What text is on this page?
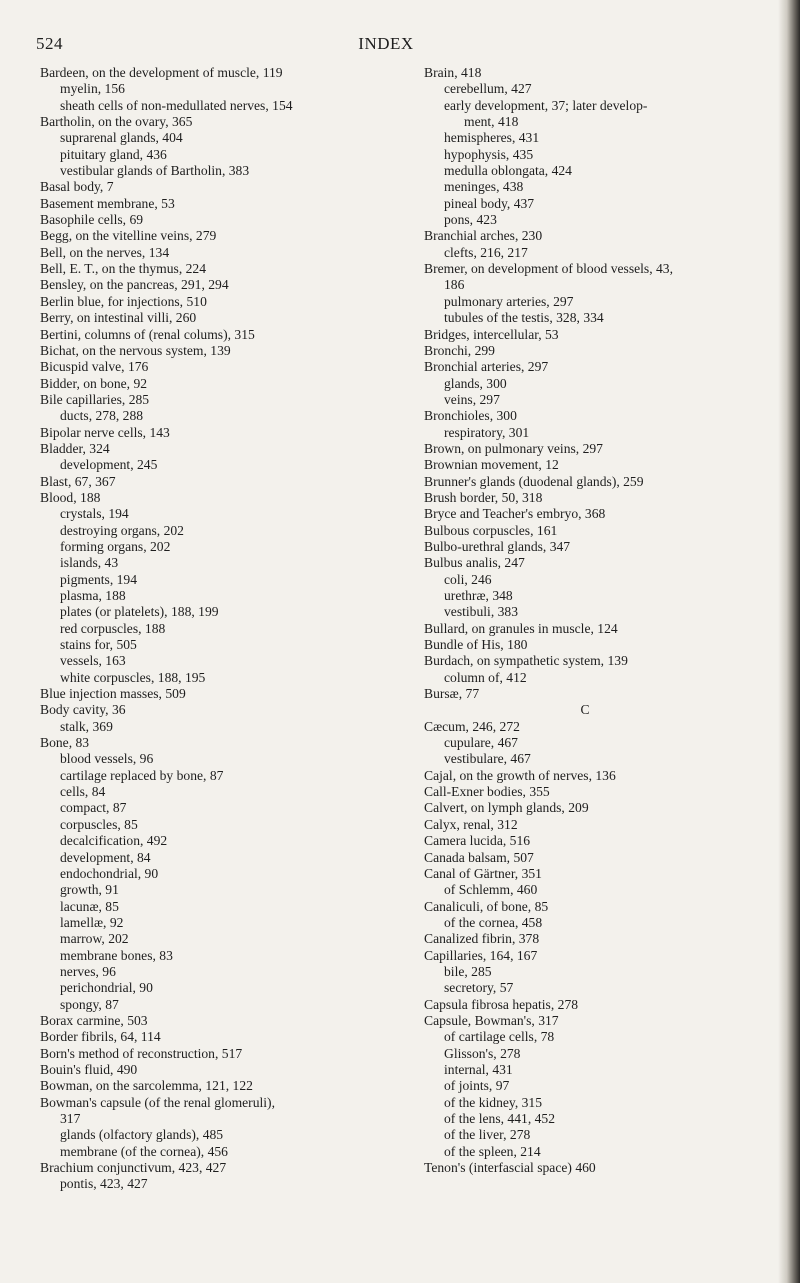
524	INDEX
Bardeen, on the development of muscle, 119
myelin, 156
sheath cells of non-medullated nerves, 154
Bartholin, on the ovary, 365
suprarenal glands, 404
pituitary gland, 436
vestibular glands of Bartholin, 383
Basal body, 7
Basement membrane, 53
Basophile cells, 69
Begg, on the vitelline veins, 279
Bell, on the nerves, 134
Bell, E. T., on the thymus, 224
Bensley, on the pancreas, 291, 294
Berlin blue, for injections, 510
Berry, on intestinal villi, 260
Bertini, columns of (renal colums), 315
Bichat, on the nervous system, 139
Bicuspid valve, 176
Bidder, on bone, 92
Bile capillaries, 285
ducts, 278, 288
Bipolar nerve cells, 143
Bladder, 324
development, 245
Blast, 67, 367
Blood, 188
crystals, 194
destroying organs, 202
forming organs, 202
islands, 43
pigments, 194
plasma, 188
plates (or platelets), 188, 199
red corpuscles, 188
stains for, 505
vessels, 163
white corpuscles, 188, 195
Blue injection masses, 509
Body cavity, 36
stalk, 369
Bone, 83
blood vessels, 96
cartilage replaced by bone, 87
cells, 84
compact, 87
corpuscles, 85
decalcification, 492
development, 84
endochondrial, 90
growth, 91
lacunæ, 85
lamellæ, 92
marrow, 202
membrane bones, 83
nerves, 96
perichondrial, 90
spongy, 87
Borax carmine, 503
Border fibrils, 64, 114
Born's method of reconstruction, 517
Bouin's fluid, 490
Bowman, on the sarcolemma, 121, 122
Bowman's capsule (of the renal glomeruli),
317
glands (olfactory glands), 485
membrane (of the cornea), 456
Brachium conjunctivum, 423, 427
pontis, 423, 427
Brain, 418
cerebellum, 427
early development, 37; later develop-
ment, 418
hemispheres, 431
hypophysis, 435
medulla oblongata, 424
meninges, 438
pineal body, 437
pons, 423
Branchial arches, 230
clefts, 216, 217
Bremer, on development of blood vessels, 43,
186
pulmonary arteries, 297
tubules of the testis, 328, 334
Bridges, intercellular, 53
Bronchi, 299
Bronchial arteries, 297
glands, 300
veins, 297
Bronchioles, 300
respiratory, 301
Brown, on pulmonary veins, 297
Brownian movement, 12
Brunner's glands (duodenal glands), 259
Brush border, 50, 318
Bryce and Teacher's embryo, 368
Bulbous corpuscles, 161
Bulbo-urethral glands, 347
Bulbus analis, 247
coli, 246
urethræ, 348
vestibuli, 383
Bullard, on granules in muscle, 124
Bundle of His, 180
Burdach, on sympathetic system, 139
column of, 412
Bursæ, 77
C
Cæcum, 246, 272
cupulare, 467
vestibulare, 467
Cajal, on the growth of nerves, 136
Call-Exner bodies, 355
Calvert, on lymph glands, 209
Calyx, renal, 312
Camera lucida, 516
Canada balsam, 507
Canal of Gärtner, 351
of Schlemm, 460
Canaliculi, of bone, 85
of the cornea, 458
Canalized fibrin, 378
Capillaries, 164, 167
bile, 285
secretory, 57
Capsula fibrosa hepatis, 278
Capsule, Bowman's, 317
of cartilage cells, 78
Glisson's, 278
internal, 431
of joints, 97
of the kidney, 315
of the lens, 441, 452
of the liver, 278
of the spleen, 214
Tenon's (interfascial space) 460
